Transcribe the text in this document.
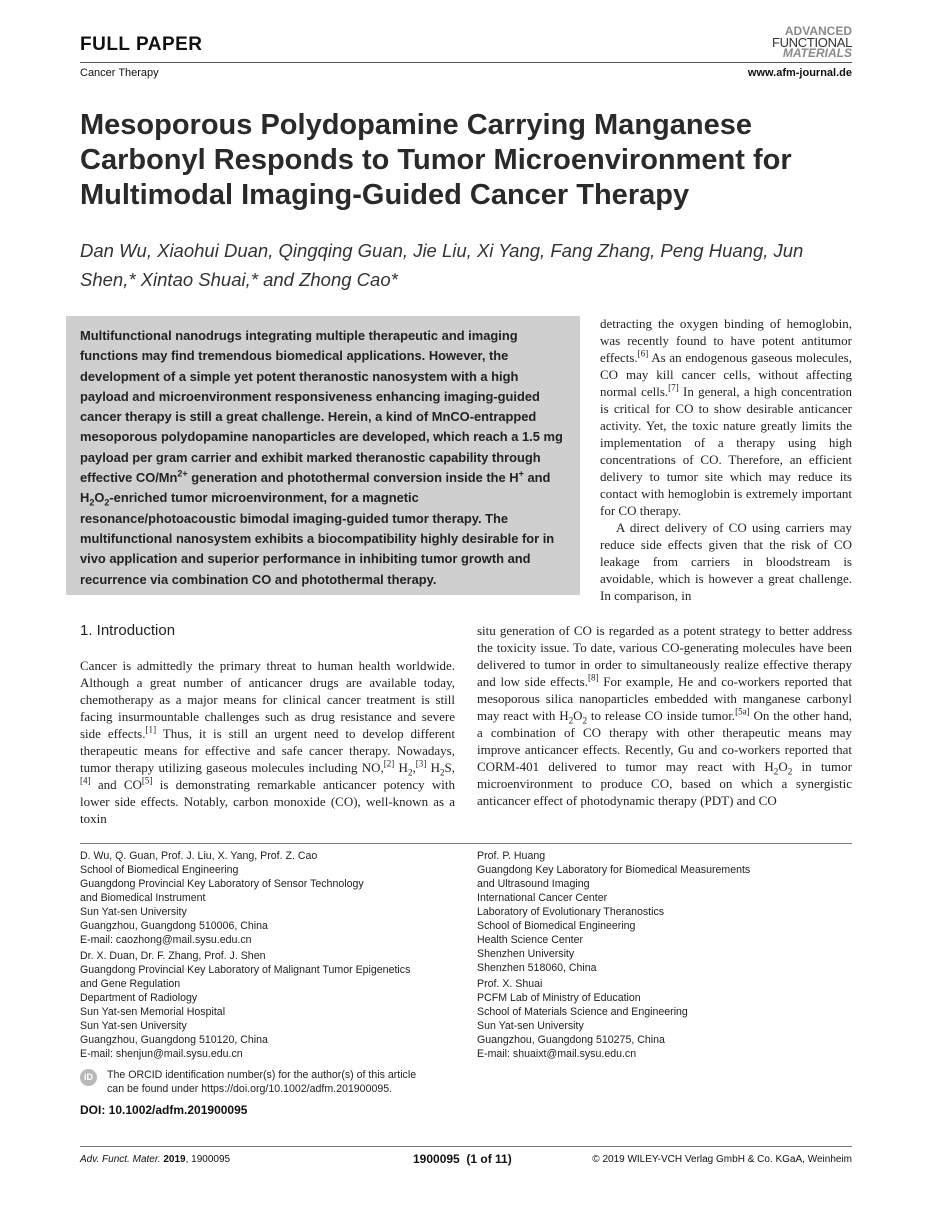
FULL PAPER
ADVANCED
FUNCTIONAL
MATERIALS
Cancer Therapy	www.afm-journal.de
Mesoporous Polydopamine Carrying Manganese Carbonyl Responds to Tumor Microenvironment for Multimodal Imaging-Guided Cancer Therapy
Dan Wu, Xiaohui Duan, Qingqing Guan, Jie Liu, Xi Yang, Fang Zhang, Peng Huang, Jun Shen,* Xintao Shuai,* and Zhong Cao*
Multifunctional nanodrugs integrating multiple therapeutic and imaging functions may find tremendous biomedical applications. However, the development of a simple yet potent theranostic nanosystem with a high payload and microenvironment responsiveness enhancing imaging-guided cancer therapy is still a great challenge. Herein, a kind of MnCO-entrapped mesoporous polydopamine nanoparticles are developed, which reach a 1.5 mg payload per gram carrier and exhibit marked theranostic capability through effective $CO/Mn^{2+}$ generation and photothermal conversion inside the H+ and $H_2O_2$-enriched tumor microenvironment, for a magnetic resonance/photoacoustic bimodal imaging-guided tumor therapy. The multifunctional nanosystem exhibits a biocompatibility highly desirable for in vivo application and superior performance in inhibiting tumor growth and recurrence via combination CO and photothermal therapy.

detracting the oxygen binding of hemoglobin, was recently found to have potent antitumor effects.[6] As an endogenous gaseous molecules, CO may kill cancer cells, without affecting normal cells.[7] In general, a high concentration is critical for CO to show desirable anticancer activity. Yet, the toxic nature greatly limits the implementation of a therapy using high concentrations of CO. Therefore, an efficient delivery to tumor site which may reduce its contact with hemoglobin is extremely important for CO therapy.

A direct delivery of CO using carriers may reduce side effects given that the risk of CO leakage from carriers in bloodstream is avoidable, which is however a great challenge. In comparison, in

1. Introduction
Cancer is admittedly the primary threat to human health worldwide. Although a great number of anticancer drugs are available today, chemotherapy as a major means for clinical cancer treatment is still facing insurmountable challenges such as drug resistance and severe side effects.[1] Thus, it is still an urgent need to develop different therapeutic means for effective and safe cancer therapy. Nowadays, tumor therapy utilizing gaseous molecules including NO,[2] $H_2,[3]$ $H_2S,[4]$ and CO[5] is demonstrating remarkable anticancer potency with lower side effects. Notably, carbon monoxide (CO), well-known as a toxin
situ generation of CO is regarded as a potent strategy to better address the toxicity issue. To date, various CO-generating molecules have been delivered to tumor in order to simultaneously realize effective therapy and low side effects.[8] For example, He and co-workers reported that mesoporous silica nanoparticles embedded with manganese carbonyl may react with $H_2O_2$ to release CO inside tumor.[5a] On the other hand, a combination of CO therapy with other therapeutic means may improve anticancer effects. Recently, Gu and co-workers reported that CORM-401 delivered to tumor may react with $H_2O_2$ in tumor microenvironment to produce CO, based on which a synergistic anticancer effect of photodynamic therapy (PDT) and CO
D. Wu, Q. Guan, Prof. J. Liu, X. Yang, Prof. Z. Cao
School of Biomedical Engineering
Guangdong Provincial Key Laboratory of Sensor Technology
and Biomedical Instrument
Sun Yat-sen University
Guangzhou, Guangdong 510006, China
E-mail: caozhong@mail.sysu.edu.cn
Dr. X. Duan, Dr. F. Zhang, Prof. J. Shen
Guangdong Provincial Key Laboratory of Malignant Tumor Epigenetics
and Gene Regulation
Department of Radiology
Sun Yat-sen Memorial Hospital
Sun Yat-sen University
Guangzhou, Guangdong 510120, China
E-mail: shenjun@mail.sysu.edu.cn
Prof. P. Huang
Guangdong Key Laboratory for Biomedical Measurements
and Ultrasound Imaging
International Cancer Center
Laboratory of Evolutionary Theranostics
School of Biomedical Engineering
Health Science Center
Shenzhen University
Shenzhen 518060, China
Prof. X. Shuai
PCFM Lab of Ministry of Education
School of Materials Science and Engineering
Sun Yat-sen University
Guangzhou, Guangdong 510275, China
E-mail: shuaixt@mail.sysu.edu.cn
iD	The ORCID identification number(s) for the author(s) of this article
can be found under https://doi.org/10.1002/adfm.201900095.
DOI: 10.1002/adfm.201900095
Adv. Funct. Mater. 2019, 1900095	1900095  (1 of 11)	© 2019 WILEY-VCH Verlag GmbH & Co. KGaA, Weinheim
